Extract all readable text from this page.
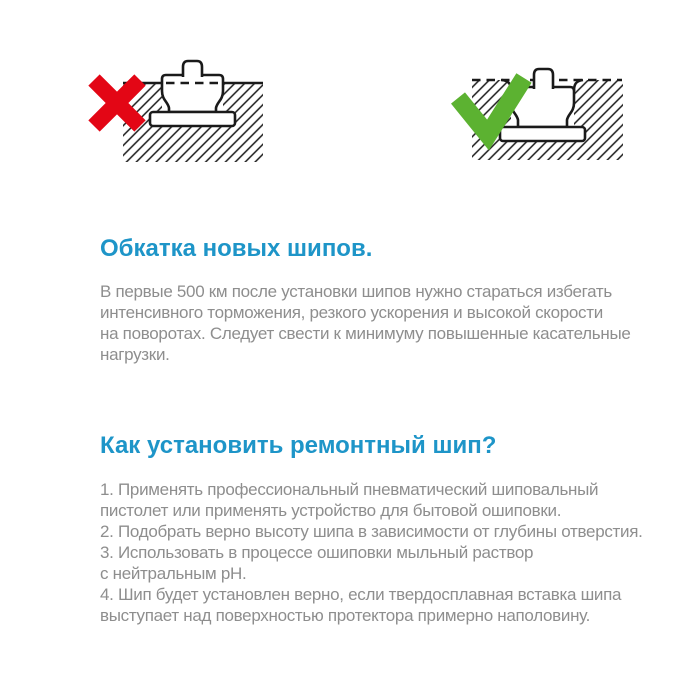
Обкатка новых шипов.
В первые 500 км после установки шипов нужно стараться избегать интенсивного торможения, резкого ускорения и высокой скорости на поворотах. Следует свести к минимуму повышенные касательные нагрузки.
Как установить ремонтный шип?

1. Применять профессиональный пневматический шиповальный пистолет или применять устройство для бытовой ошиповки.

2. Подобрать верно высоту шипа в зависимости от глубины отверстия.

3. Использовать в процессе ошиповки мыльный раствор с нейтральным pH.

4. Шип будет установлен верно, если твердосплавная вставка шипа выступает над поверхностью протектора примерно наполовину.
